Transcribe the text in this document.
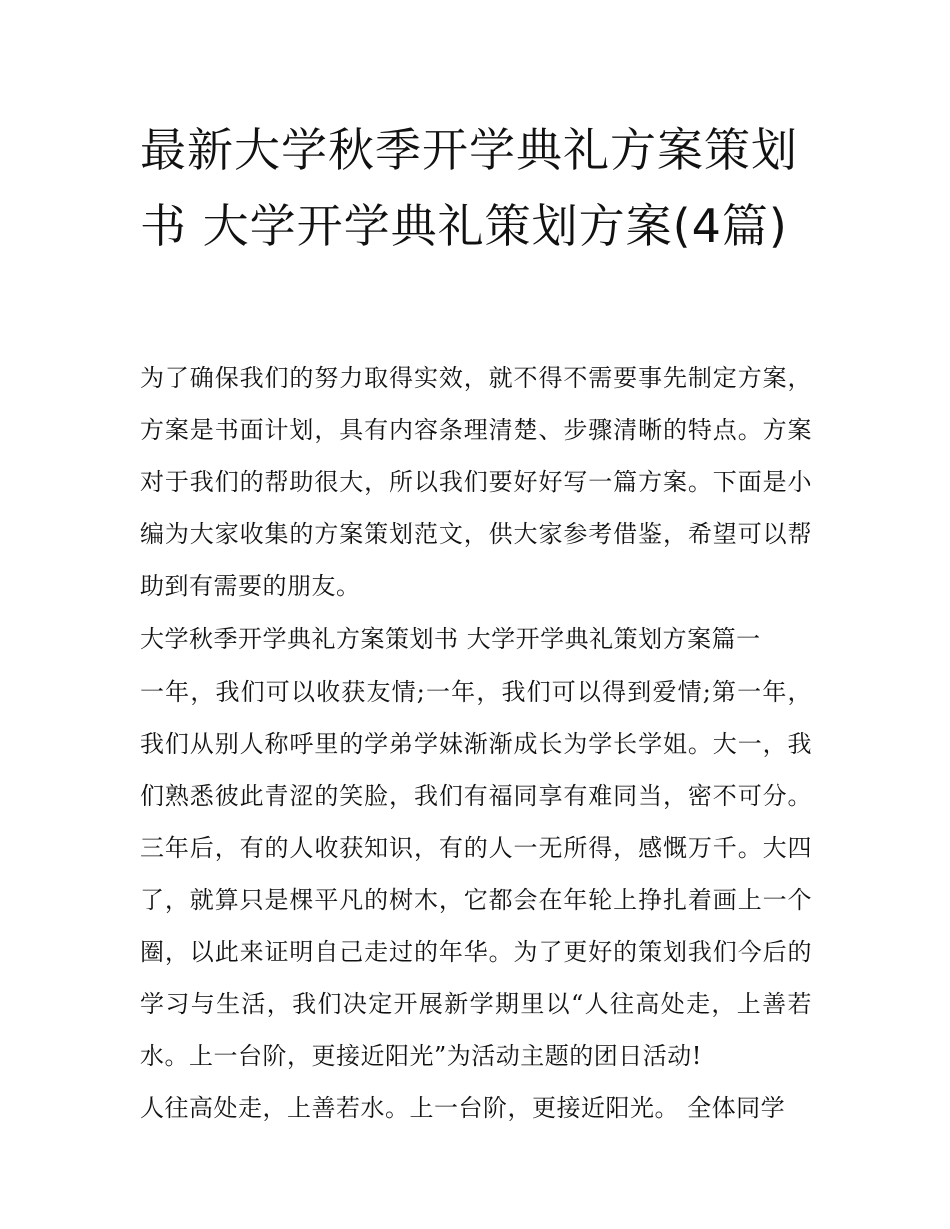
最新大学秋季开学典礼方案策划书 大学开学典礼策划方案(4篇)

为了确保我们的努力取得实效，就不得不需要事先制定方案，方案是书面计划，具有内容条理清楚、步骤清晰的特点。方案对于我们的帮助很大，所以我们要好好写一篇方案。下面是小编为大家收集的方案策划范文，供大家参考借鉴，希望可以帮助到有需要的朋友。

大学秋季开学典礼方案策划书 大学开学典礼策划方案篇一

一年，我们可以收获友情;一年，我们可以得到爱情;第一年，我们从别人称呼里的学弟学妹渐渐成长为学长学姐。大一，我们熟悉彼此青涩的笑脸，我们有福同享有难同当，密不可分。三年后，有的人收获知识，有的人一无所得，感慨万千。大四了，就算只是棵平凡的树木，它都会在年轮上挣扎着画上一个圈，以此来证明自己走过的年华。为了更好的策划我们今后的学习与生活，我们决定开展新学期里以“人往高处走，上善若水。上一台阶，更接近阳光”为活动主题的团日活动!

人往高处走，上善若水。上一台阶，更接近阳光。 全体同学
